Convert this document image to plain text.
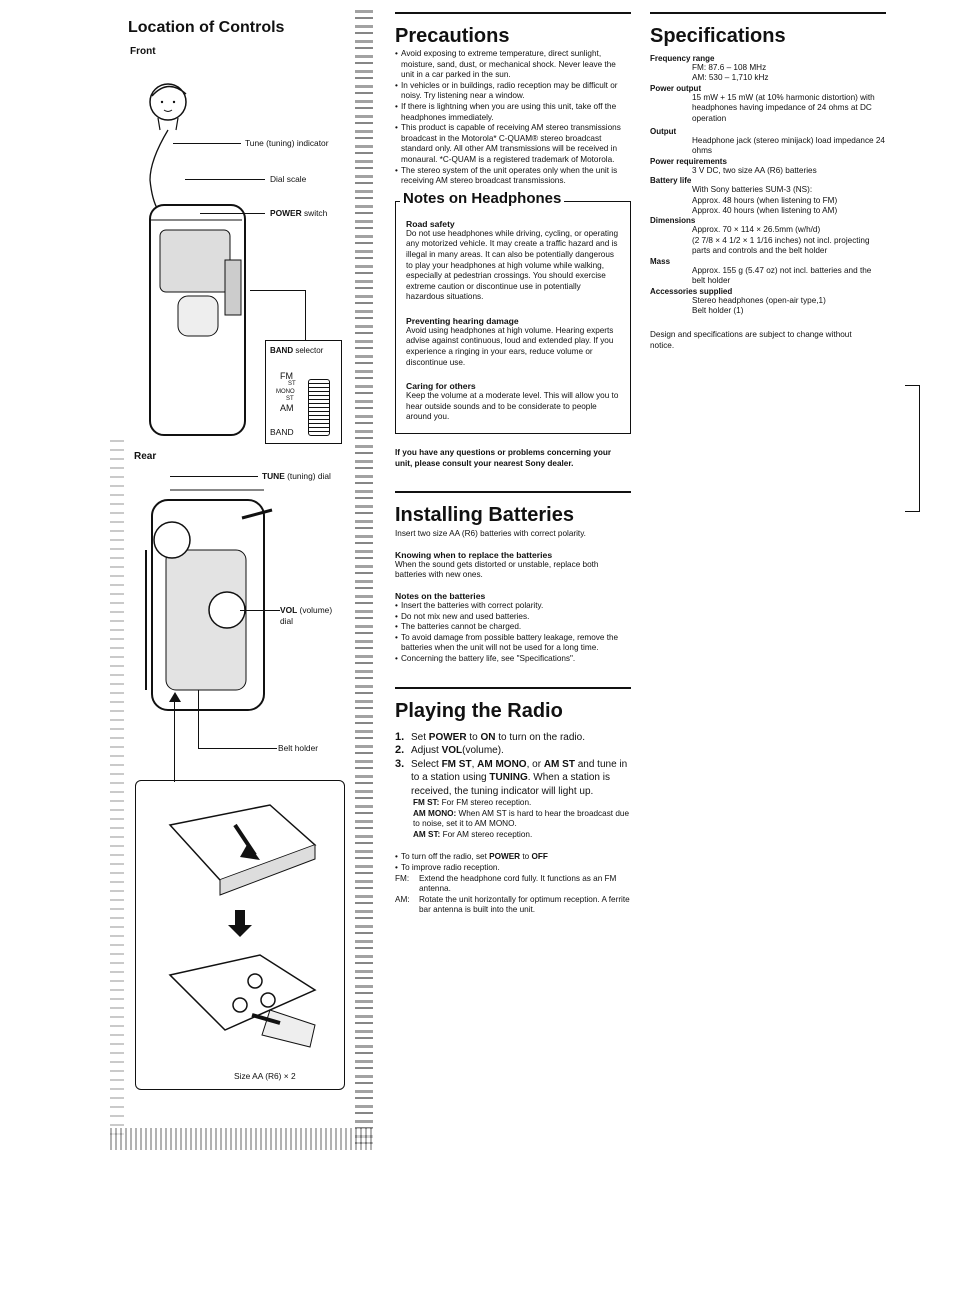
Location of Controls
Front
Tune (tuning) indicator
Dial scale
POWER switch
BAND selector
FM
ST
MONO
ST
AM
BAND
Rear
TUNE (tuning) dial
VOL (volume)
dial
Belt holder
Size AA (R6) × 2
Precautions
• Avoid exposing to extreme temperature, direct sunlight, moisture, sand, dust, or mechanical shock. Never leave the unit in a car parked in the sun.
• In vehicles or in buildings, radio reception may be difficult or noisy. Try listening near a window.
• If there is lightning when you are using this unit, take off the headphones immediately.
• This product is capable of receiving AM stereo transmissions broadcast in the Motorola* C-QUAM® stereo broadcast standard only. All other AM transmissions will be received in monaural. *C-QUAM is a registered trademark of Motorola.
• The stereo system of the unit operates only when the unit is receiving AM stereo broadcast transmissions.
Notes on Headphones

Road safety

Do not use headphones while driving, cycling, or operating any motorized vehicle. It may create a traffic hazard and is illegal in many areas. It can also be potentially dangerous to play your headphones at high volume while walking, especially at pedestrian crossings. You should exercise extreme caution or discontinue use in potentially hazardous situations.

Preventing hearing damage

Avoid using headphones at high volume. Hearing experts advise against continuous, loud and extended play. If you experience a ringing in your ears, reduce volume or discontinue use.

Caring for others

Keep the volume at a moderate level. This will allow you to hear outside sounds and to be considerate to people around you.
If you have any questions or problems concerning your unit, please consult your nearest Sony dealer.
Installing Batteries
Insert two size AA (R6) batteries with correct polarity.

Knowing when to replace the batteries

When the sound gets distorted or unstable, replace both batteries with new ones.

Notes on the batteries

• Insert the batteries with correct polarity.
• Do not mix new and used batteries.
• The batteries cannot be charged.
• To avoid damage from possible battery leakage, remove the batteries when the unit will not be used for a long time.
• Concerning the battery life, see "Specifications".
Playing the Radio
1. Set POWER to ON to turn on the radio.
2. Adjust VOL(volume).
3. Select FM ST, AM MONO, or AM ST and tune in to a station using TUNING. When a station is received, the tuning indicator will light up.
FM ST: For FM stereo reception.
AM MONO: When AM ST is hard to hear the broadcast due to noise, set it to AM MONO.
AM ST: For AM stereo reception.
• To turn off the radio, set POWER to OFF
• To improve radio reception.
FM:	Extend the headphone cord fully. It functions as an FM antenna.
AM:	Rotate the unit horizontally for optimum reception. A ferrite bar antenna is built into the unit.
Specifications
Frequency range
FM: 87.6 – 108 MHz
AM: 530 – 1,710 kHz
Power output
15 mW + 15 mW (at 10% harmonic distortion) with headphones having impedance of 24 ohms at DC operation
Output
Headphone jack (stereo minijack) load impedance 24 ohms
Power requirements
3 V DC, two size AA (R6) batteries
Battery life
With Sony batteries SUM-3 (NS):
Approx. 48 hours (when listening to FM)
Approx. 40 hours (when listening to AM)
Dimensions
Approx. 70 × 114 × 26.5mm (w/h/d)
(2 7/8 × 4 1/2 × 1 1/16 inches) not incl. projecting parts and controls and the belt holder
Mass
Approx. 155 g (5.47 oz) not incl. batteries and the belt holder
Accessories supplied
Stereo headphones (open-air type,1)
Belt holder (1)
Design and specifications are subject to change without notice.
